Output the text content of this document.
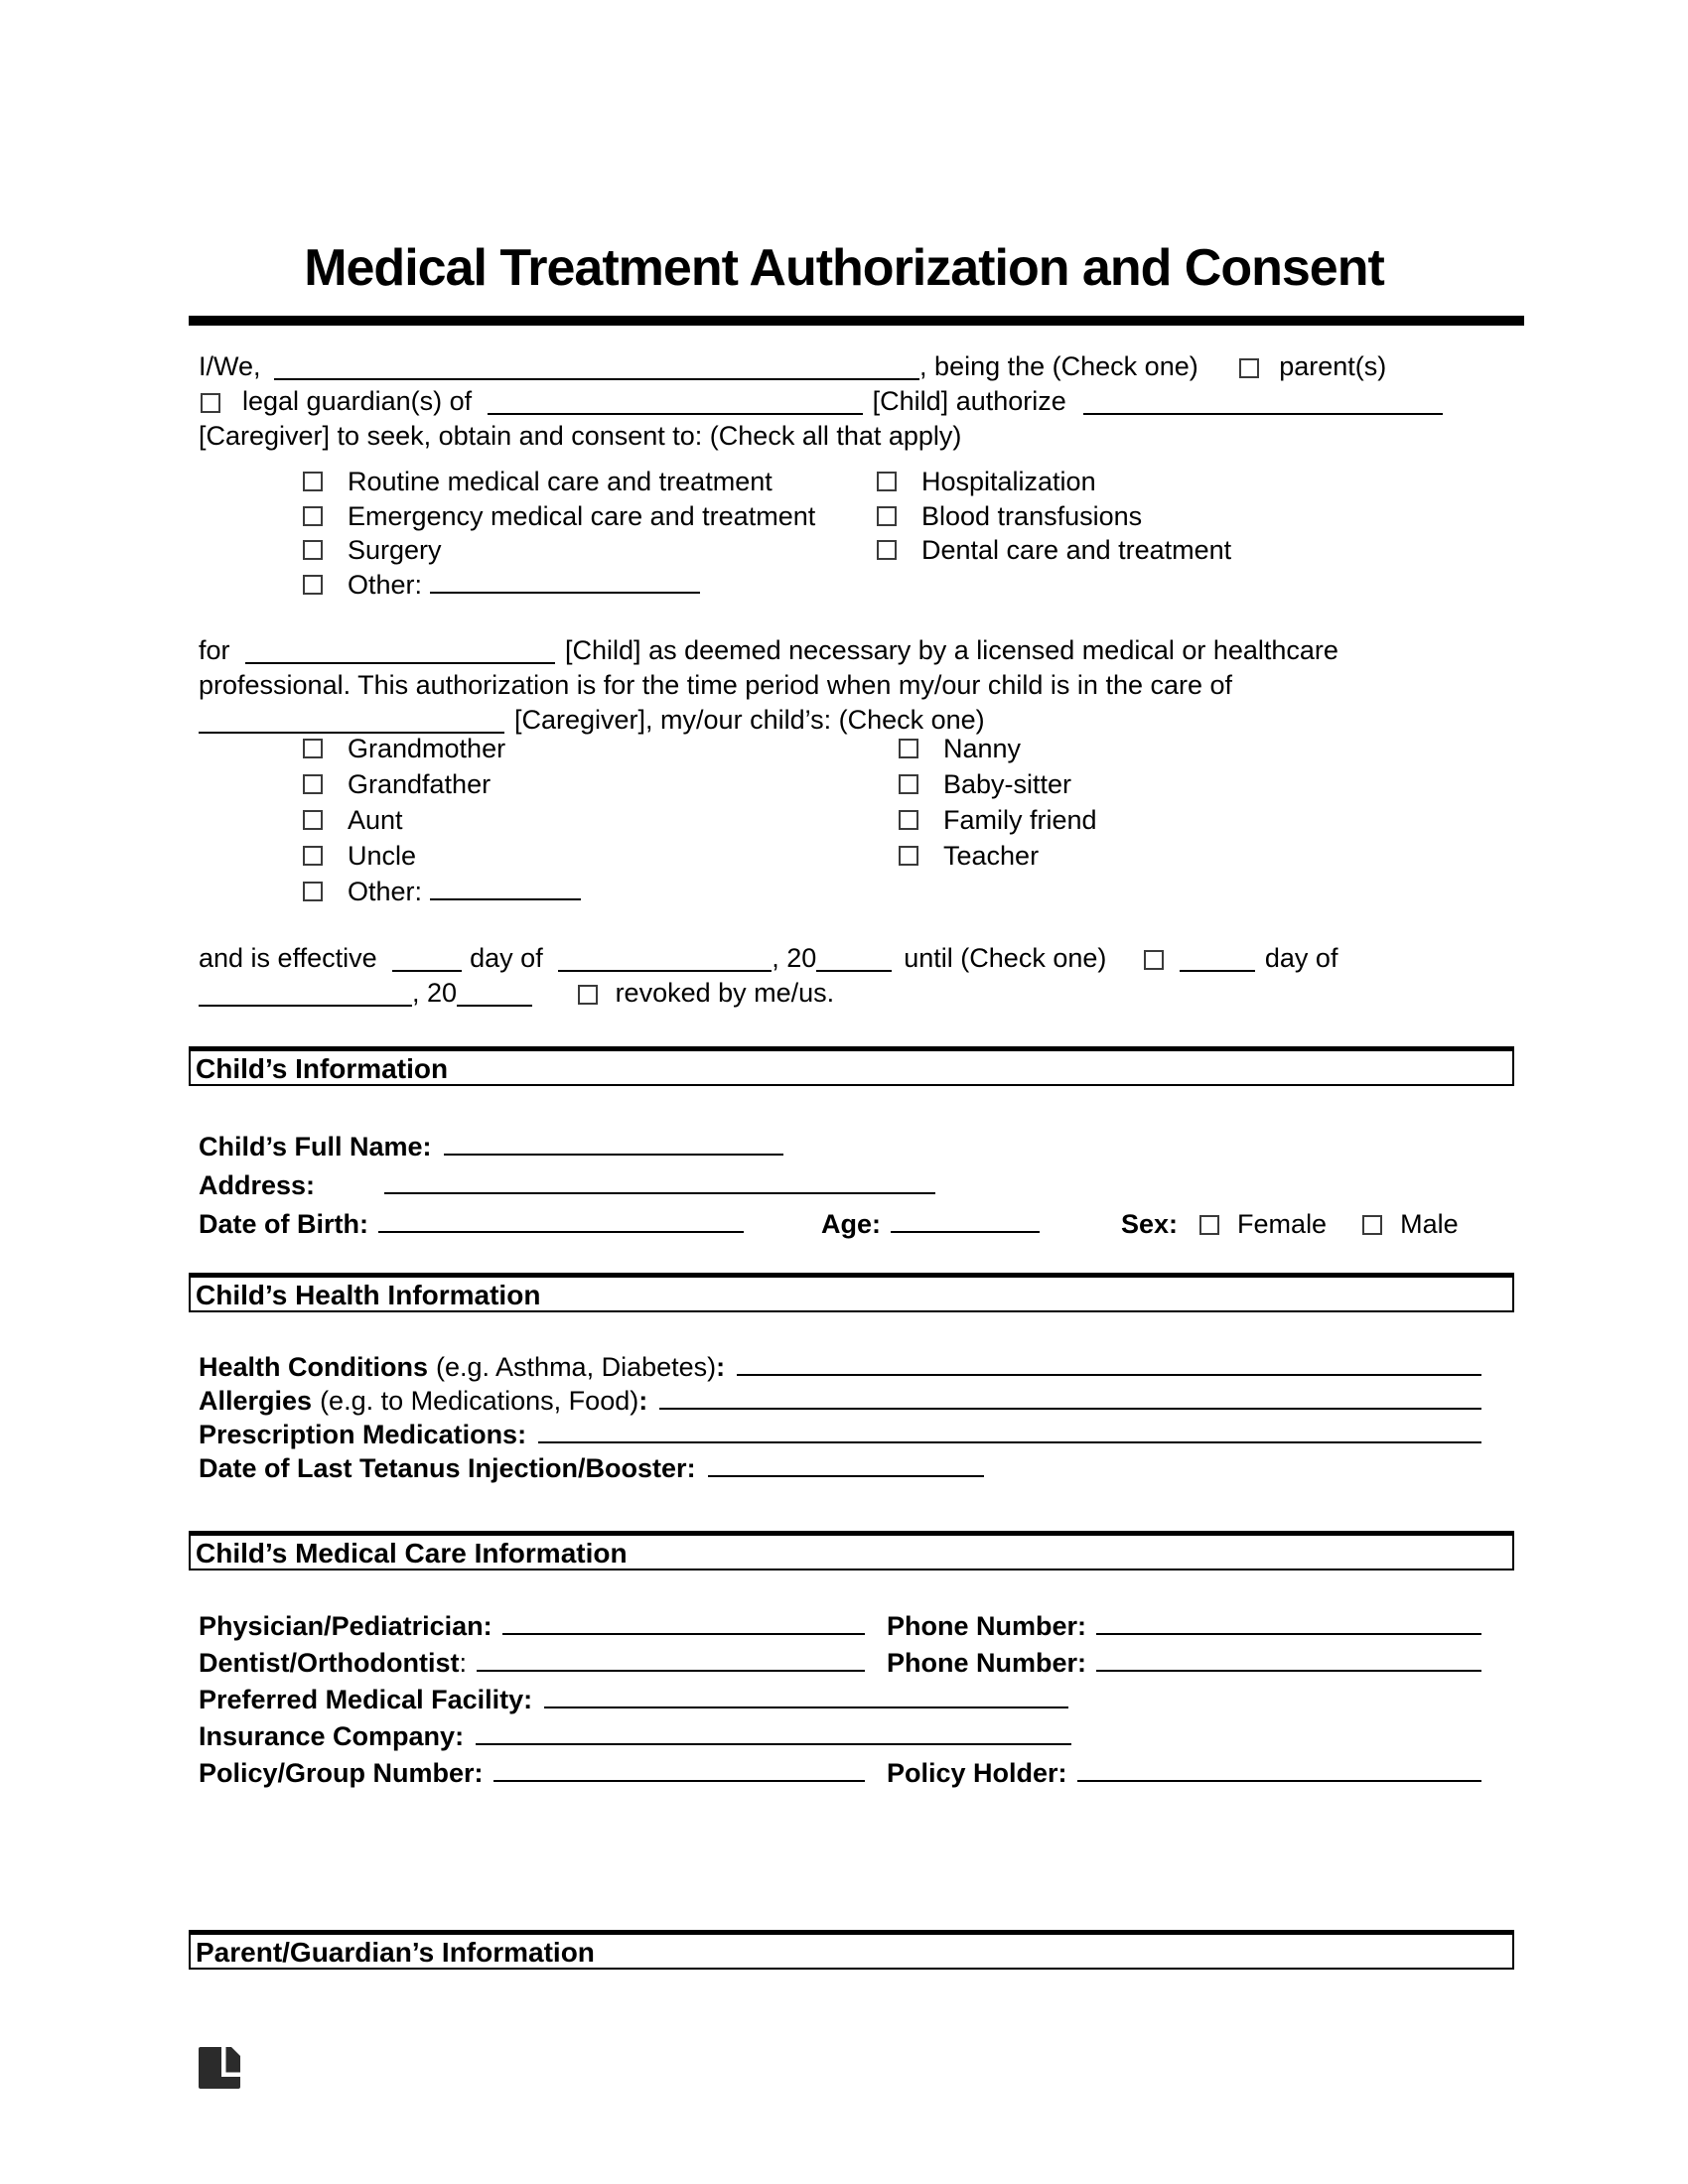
Medical Treatment Authorization and Consent
I/We,	, being the (Check one)	parent(s)
legal guardian(s) of	[Child] authorize
[Caregiver] to seek, obtain and consent to: (Check all that apply)
Routine medical care and treatment	Hospitalization
Emergency medical care and treatment	Blood transfusions
Surgery	Dental care and treatment
Other:
for	[Child] as deemed necessary by a licensed medical or healthcare
professional. This authorization is for the time period when my/our child is in the care of
[Caregiver], my/our child’s: (Check one)
Grandmother	Nanny
Grandfather	Baby-sitter
Aunt	Family friend
Uncle	Teacher
Other:
and is effective	day of	, 20	until (Check one)	day of
, 20	revoked by me/us.
Child’s Information
Child’s Full Name:
Address:
Date of Birth:	Age:	Sex: Female	Male
Child’s Health Information
Health Conditions (e.g. Asthma, Diabetes) :
Allergies (e.g. to Medications, Food) :
Prescription Medications:
Date of Last Tetanus Injection/Booster:
Child’s Medical Care Information
Physician/Pediatrician:	Phone Number:
Dentist/Orthodontist :	Phone Number:
Preferred Medical Facility:
Insurance Company:
Policy/Group Number:	Policy Holder:
Parent/Guardian’s Information
